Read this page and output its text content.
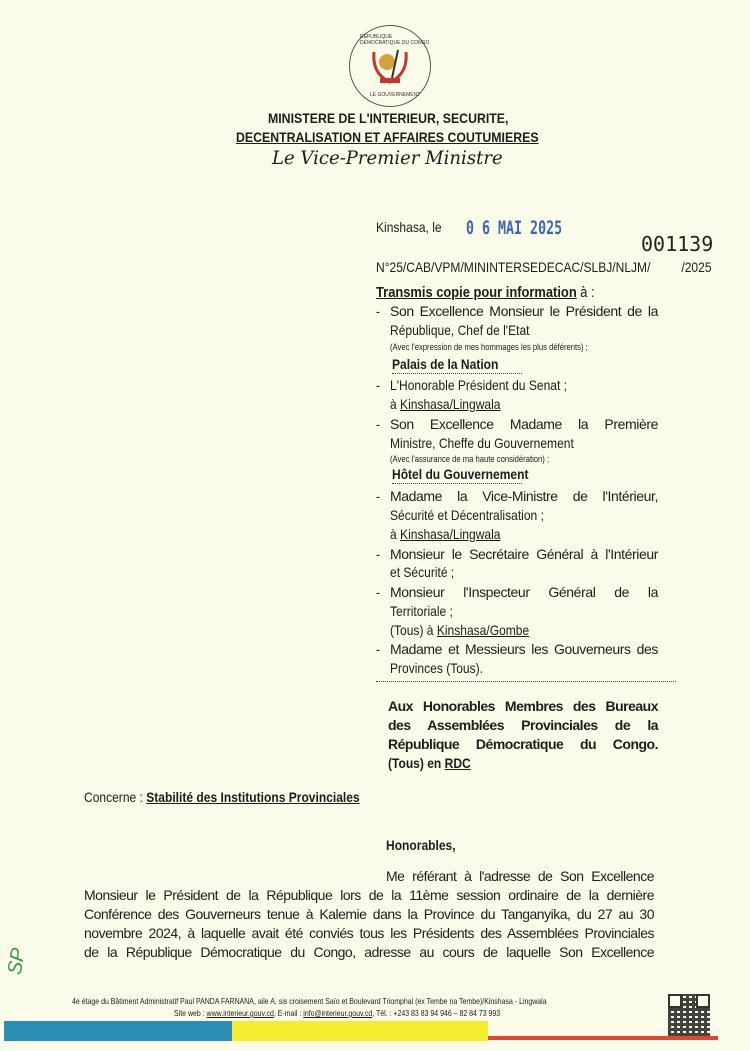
RÉPUBLIQUE DÉMOCRATIQUE DU CONGO
LE GOUVERNEMENT
MINISTERE DE L'INTERIEUR, SECURITE,
DECENTRALISATION ET AFFAIRES COUTUMIERES
Le Vice-Premier Ministre
Kinshasa, le 0 6 MAI 2025
001139
N°25/CAB/VPM/MININTERSEDECAC/SLBJ/NLJM/ /2025
Transmis copie pour information à :
- Son Excellence Monsieur le Président de la
République, Chef de l'Etat
(Avec l'expression de mes hommages les plus déférents) ;
Palais de la Nation
- L'Honorable Président du Senat ;
à Kinshasa/Lingwala
- Son Excellence Madame la Première
Ministre, Cheffe du Gouvernement
(Avec l'assurance de ma haute considération) ;
Hôtel du Gouvernement
- Madame la Vice-Ministre de l'Intérieur,
Sécurité et Décentralisation ;
à Kinshasa/Lingwala
- Monsieur le Secrétaire Général à l'Intérieur
et Sécurité ;
- Monsieur l'Inspecteur Général de la
Territoriale ;
(Tous) à Kinshasa/Gombe
- Madame et Messieurs les Gouverneurs des
Provinces (Tous).
Aux Honorables Membres des Bureaux
des Assemblées Provinciales de la
République Démocratique du Congo.
(Tous) en RDC
Concerne : Stabilité des Institutions Provinciales
Honorables,
Me référant à l'adresse de Son Excellence
Monsieur le Président de la République lors de la 11ème session ordinaire de la dernière
Conférence des Gouverneurs tenue à Kalemie dans la Province du Tanganyika, du 27 au 30
novembre 2024, à laquelle avait été conviés tous les Présidents des Assemblées Provinciales
de la République Démocratique du Congo, adresse au cours de laquelle Son Excellence
SP
4e étage du Bâtiment Administratif Paul PANDA FARNANA, aile A, sis croisement Saïo et Boulevard Triomphal (ex Tembe na Tembe)/Kinshasa - Lingwala
Site web : www.interieur.gouv.cd, E-mail : info@interieur.gouv.cd, Tél. : +243 83 83 94 946 – 82 84 73 993
